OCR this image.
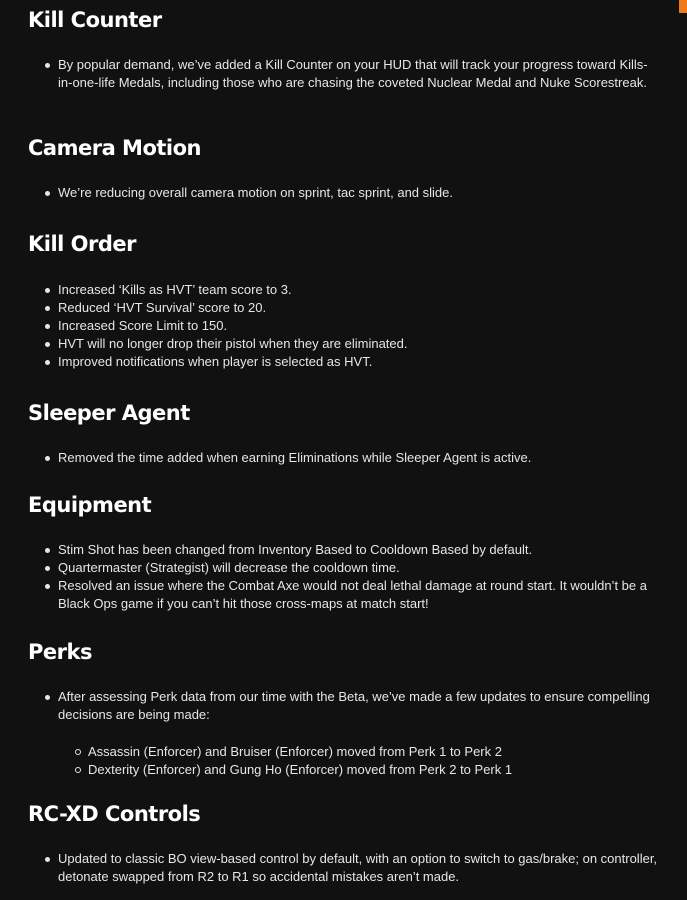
Kill Counter
By popular demand, we’ve added a Kill Counter on your HUD that will track your progress toward Kills-in-one-life Medals, including those who are chasing the coveted Nuclear Medal and Nuke Scorestreak.
Camera Motion
We’re reducing overall camera motion on sprint, tac sprint, and slide.
Kill Order
Increased ‘Kills as HVT’ team score to 3.
Reduced ‘HVT Survival’ score to 20.
Increased Score Limit to 150.
HVT will no longer drop their pistol when they are eliminated.
Improved notifications when player is selected as HVT.
Sleeper Agent
Removed the time added when earning Eliminations while Sleeper Agent is active.
Equipment
Stim Shot has been changed from Inventory Based to Cooldown Based by default.
Quartermaster (Strategist) will decrease the cooldown time.
Resolved an issue where the Combat Axe would not deal lethal damage at round start. It wouldn’t be a Black Ops game if you can’t hit those cross-maps at match start!
Perks
After assessing Perk data from our time with the Beta, we’ve made a few updates to ensure compelling decisions are being made:
Assassin (Enforcer) and Bruiser (Enforcer) moved from Perk 1 to Perk 2
Dexterity (Enforcer) and Gung Ho (Enforcer) moved from Perk 2 to Perk 1
RC-XD Controls
Updated to classic BO view-based control by default, with an option to switch to gas/brake; on controller, detonate swapped from R2 to R1 so accidental mistakes aren’t made.
